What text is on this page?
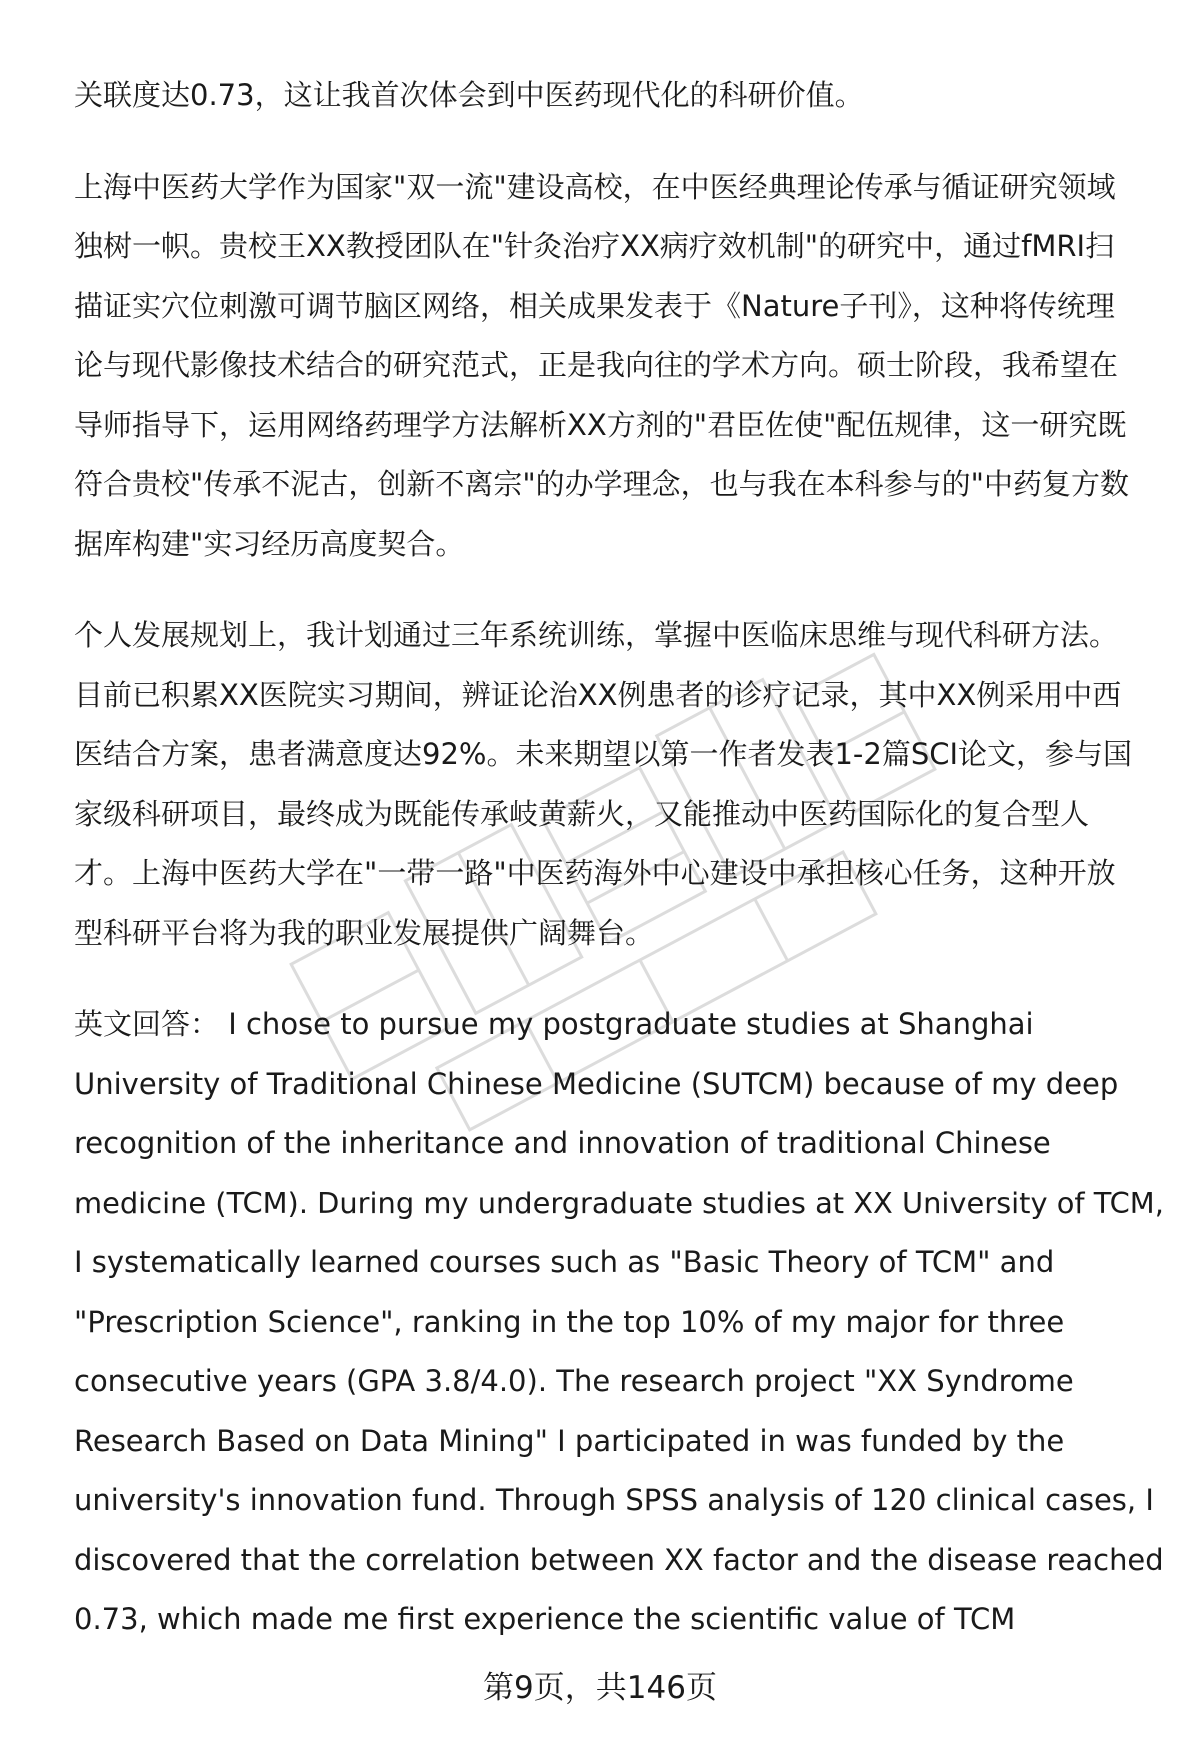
关联度达0.73，这让我首次体会到中医药现代化的科研价值。
上海中医药大学作为国家"双一流"建设高校，在中医经典理论传承与循证研究领域
独树一帜。贵校王XX教授团队在"针灸治疗XX病疗效机制"的研究中，通过fMRI扫
描证实穴位刺激可调节脑区网络，相关成果发表于《Nature子刊》，这种将传统理
论与现代影像技术结合的研究范式，正是我向往的学术方向。硕士阶段，我希望在
导师指导下，运用网络药理学方法解析XX方剂的"君臣佐使"配伍规律，这一研究既
符合贵校"传承不泥古，创新不离宗"的办学理念，也与我在本科参与的"中药复方数
据库构建"实习经历高度契合。
个人发展规划上，我计划通过三年系统训练，掌握中医临床思维与现代科研方法。
目前已积累XX医院实习期间，辨证论治XX例患者的诊疗记录，其中XX例采用中西
医结合方案，患者满意度达92%。未来期望以第一作者发表1-2篇SCI论文，参与国
家级科研项目，最终成为既能传承岐黄薪火，又能推动中医药国际化的复合型人
才。上海中医药大学在"一带一路"中医药海外中心建设中承担核心任务，这种开放
型科研平台将为我的职业发展提供广阔舞台。
英文回答： I chose to pursue my postgraduate studies at Shanghai
University of Traditional Chinese Medicine (SUTCM) because of my deep
recognition of the inheritance and innovation of traditional Chinese
medicine (TCM). During my undergraduate studies at XX University of TCM,
I systematically learned courses such as "Basic Theory of TCM" and
"Prescription Science", ranking in the top 10% of my major for three
consecutive years (GPA 3.8/4.0). The research project "XX Syndrome
Research Based on Data Mining" I participated in was funded by the
university's innovation fund. Through SPSS analysis of 120 clinical cases, I
discovered that the correlation between XX factor and the disease reached
0.73, which made me first experience the scientific value of TCM
第9页，共146页
